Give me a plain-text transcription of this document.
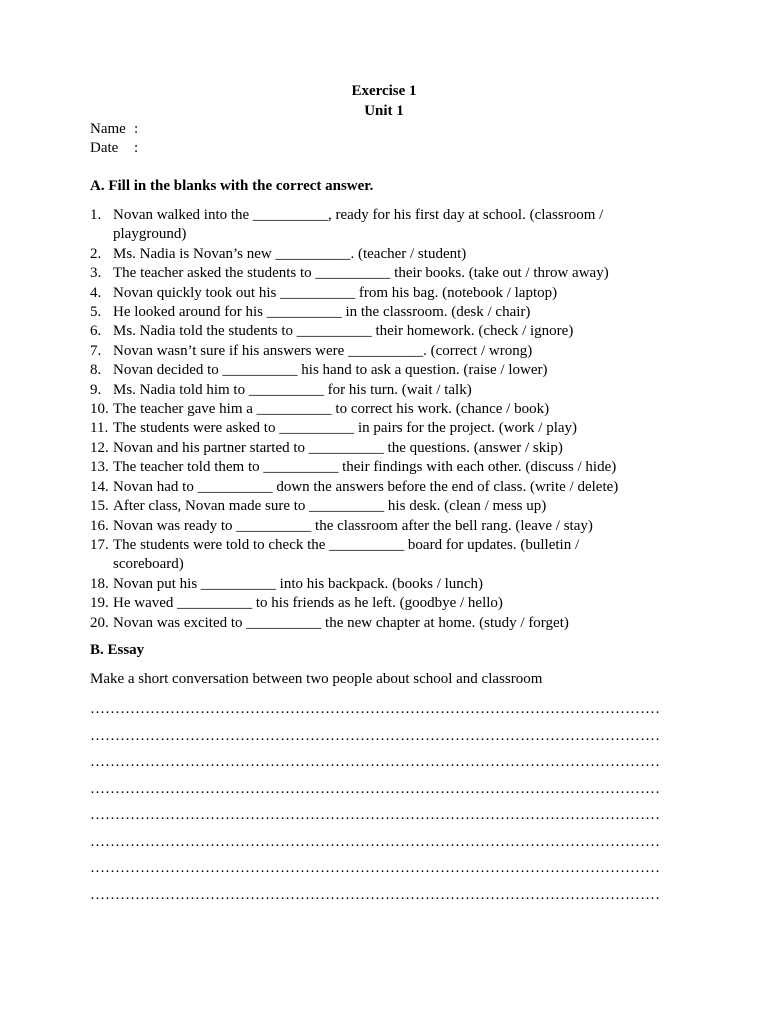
Exercise 1
Unit 1
Name :
Date	:
A. Fill in the blanks with the correct answer.
1. Novan walked into the __________, ready for his first day at school. (classroom / playground)
2. Ms. Nadia is Novan’s new __________. (teacher / student)
3. The teacher asked the students to __________ their books. (take out / throw away)
4. Novan quickly took out his __________ from his bag. (notebook / laptop)
5. He looked around for his __________ in the classroom. (desk / chair)
6. Ms. Nadia told the students to __________ their homework. (check / ignore)
7. Novan wasn’t sure if his answers were __________. (correct / wrong)
8. Novan decided to __________ his hand to ask a question. (raise / lower)
9. Ms. Nadia told him to __________ for his turn. (wait / talk)
10. The teacher gave him a __________ to correct his work. (chance / book)
11. The students were asked to __________ in pairs for the project. (work / play)
12. Novan and his partner started to __________ the questions. (answer / skip)
13. The teacher told them to __________ their findings with each other. (discuss / hide)
14. Novan had to __________ down the answers before the end of class. (write / delete)
15. After class, Novan made sure to __________ his desk. (clean / mess up)
16. Novan was ready to __________ the classroom after the bell rang. (leave / stay)
17. The students were told to check the __________ board for updates. (bulletin / scoreboard)
18. Novan put his __________ into his backpack. (books / lunch)
19. He waved __________ to his friends as he left. (goodbye / hello)
20. Novan was excited to __________ the new chapter at home. (study / forget)
B. Essay
Make a short conversation between two people about school and classroom
……………………………………………………………………………………………………
……………………………………………………………………………………………………
……………………………………………………………………………………………………
……………………………………………………………………………………………………
……………………………………………………………………………………………………
……………………………………………………………………………………………………
……………………………………………………………………………………………………
……………………………………………………………………………………………………
